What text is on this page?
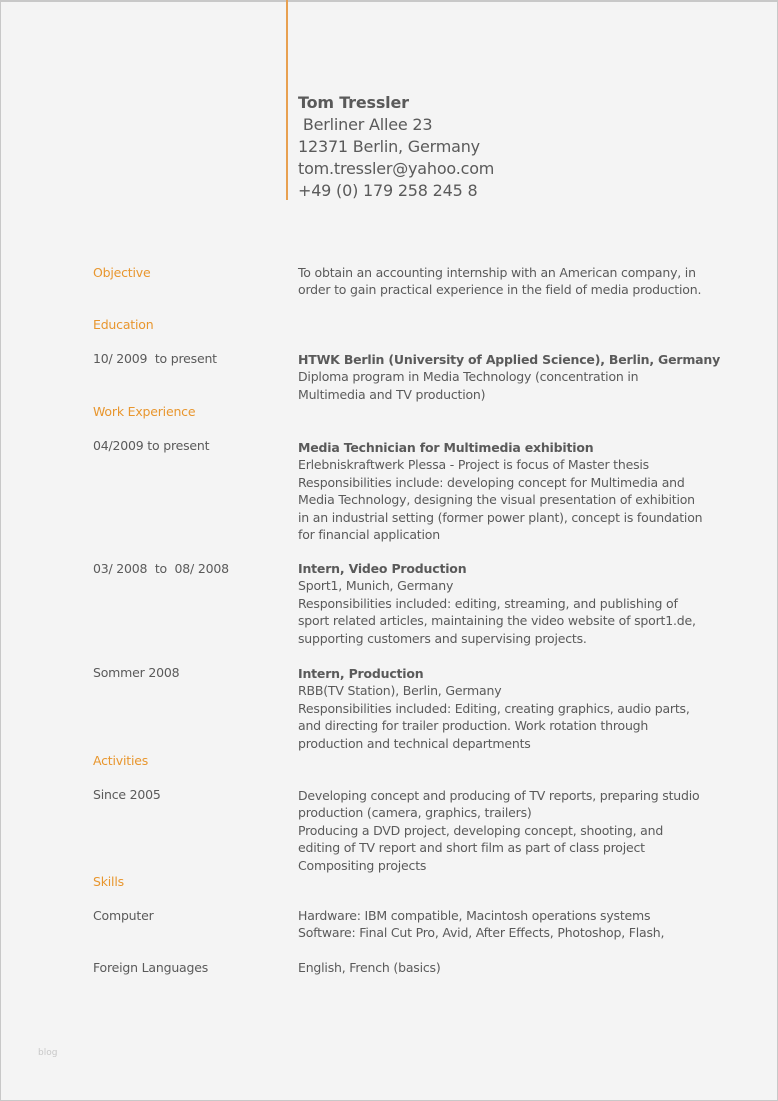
Tom Tressler
Berliner Allee 23
12371 Berlin, Germany
tom.tressler@yahoo.com
+49 (0) 179 258 245 8
Objective	To obtain an accounting internship with an American company, in
order to gain practical experience in the field of media production.
Education
10/ 2009  to present	HTWK Berlin (University of Applied Science), Berlin, Germany
Diploma program in Media Technology (concentration in
Multimedia and TV production)
Work Experience
04/2009 to present	Media Technician for Multimedia exhibition
Erlebniskraftwerk Plessa - Project is focus of Master thesis
Responsibilities include: developing concept for Multimedia and
Media Technology, designing the visual presentation of exhibition
in an industrial setting (former power plant), concept is foundation
for financial application
03/ 2008  to  08/ 2008	Intern, Video Production
Sport1, Munich, Germany
Responsibilities included: editing, streaming, and publishing of
sport related articles, maintaining the video website of sport1.de,
supporting customers and supervising projects.
Sommer 2008	Intern, Production
RBB(TV Station), Berlin, Germany
Responsibilities included: Editing, creating graphics, audio parts,
and directing for trailer production. Work rotation through
production and technical departments
Activities
Since 2005	Developing concept and producing of TV reports, preparing studio
production (camera, graphics, trailers)
Producing a DVD project, developing concept, shooting, and
editing of TV report and short film as part of class project
Compositing projects
Skills
Computer	Hardware: IBM compatible, Macintosh operations systems
Software: Final Cut Pro, Avid, After Effects, Photoshop, Flash,
Foreign Languages	English, French (basics)
blog
